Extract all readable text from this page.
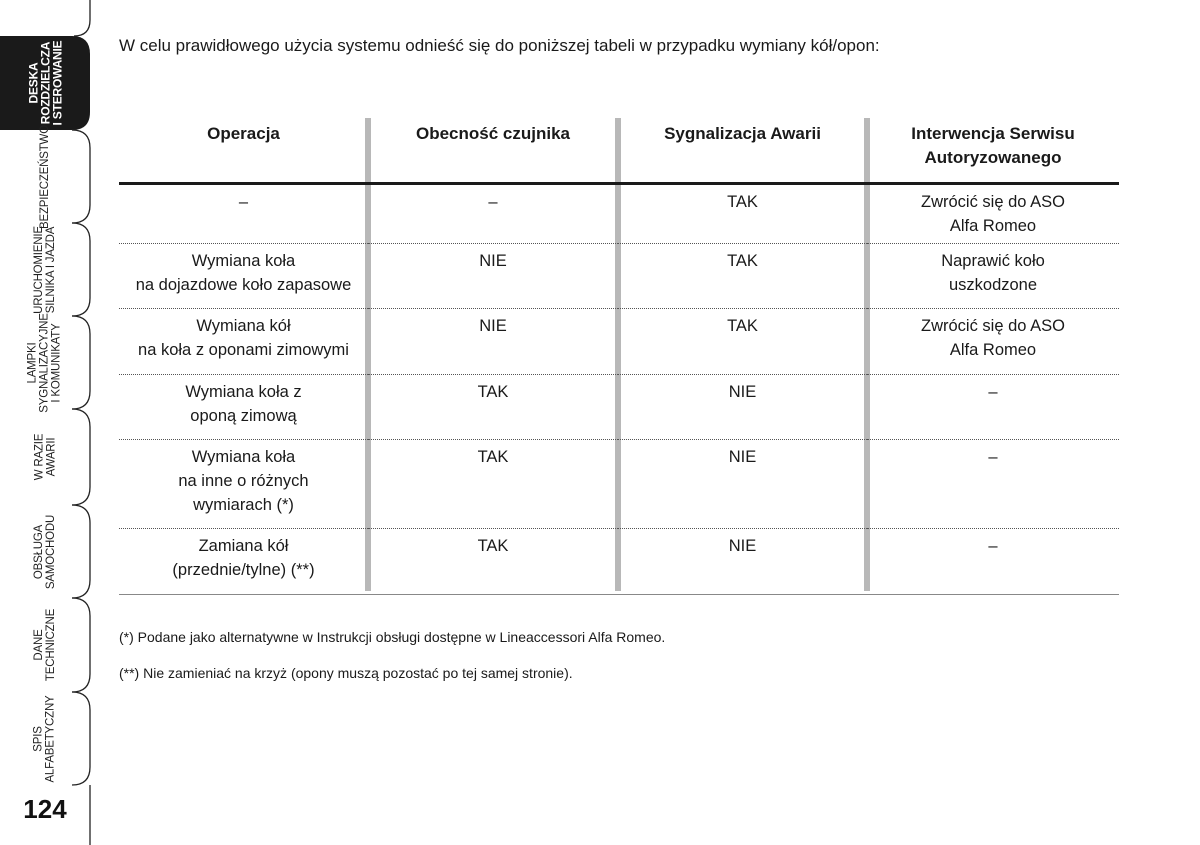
DESKA
ROZDZIELCZA
I STEROWANIE
BEZPIECZEŃSTWO
URUCHOMIENIE SILNIKA I JAZDA
LAMPKI SYGNALIZACYJNE I KOMUNIKATY
W RAZIE AWARII
OBSŁUGA SAMOCHODU
DANE TECHNICZNE
SPIS ALFABETYCZNY
124
W celu prawidłowego użycia systemu odnieść się do poniższej tabeli w przypadku wymiany kół/opon:
Operacja	Obecność czujnika	Sygnalizacja Awarii	Interwencja Serwisu
Autoryzowanego

–	–	TAK	Zwrócić się do ASO
Alfa Romeo

Wymiana koła
na dojazdowe koło zapasowe	NIE	TAK	Naprawić koło
uszkodzone

Wymiana kół
na koła z oponami zimowymi	NIE	TAK	Zwrócić się do ASO
Alfa Romeo

Wymiana koła z
oponą zimową	TAK	NIE	–

Wymiana koła
na inne o różnych
wymiarach (*)	TAK	NIE	–

Zamiana kół
(przednie/tylne) (**)	TAK	NIE	–
(*) Podane jako alternatywne w Instrukcji obsługi dostępne w Lineaccessori Alfa Romeo.
(**) Nie zamieniać na krzyż (opony muszą pozostać po tej samej stronie).
